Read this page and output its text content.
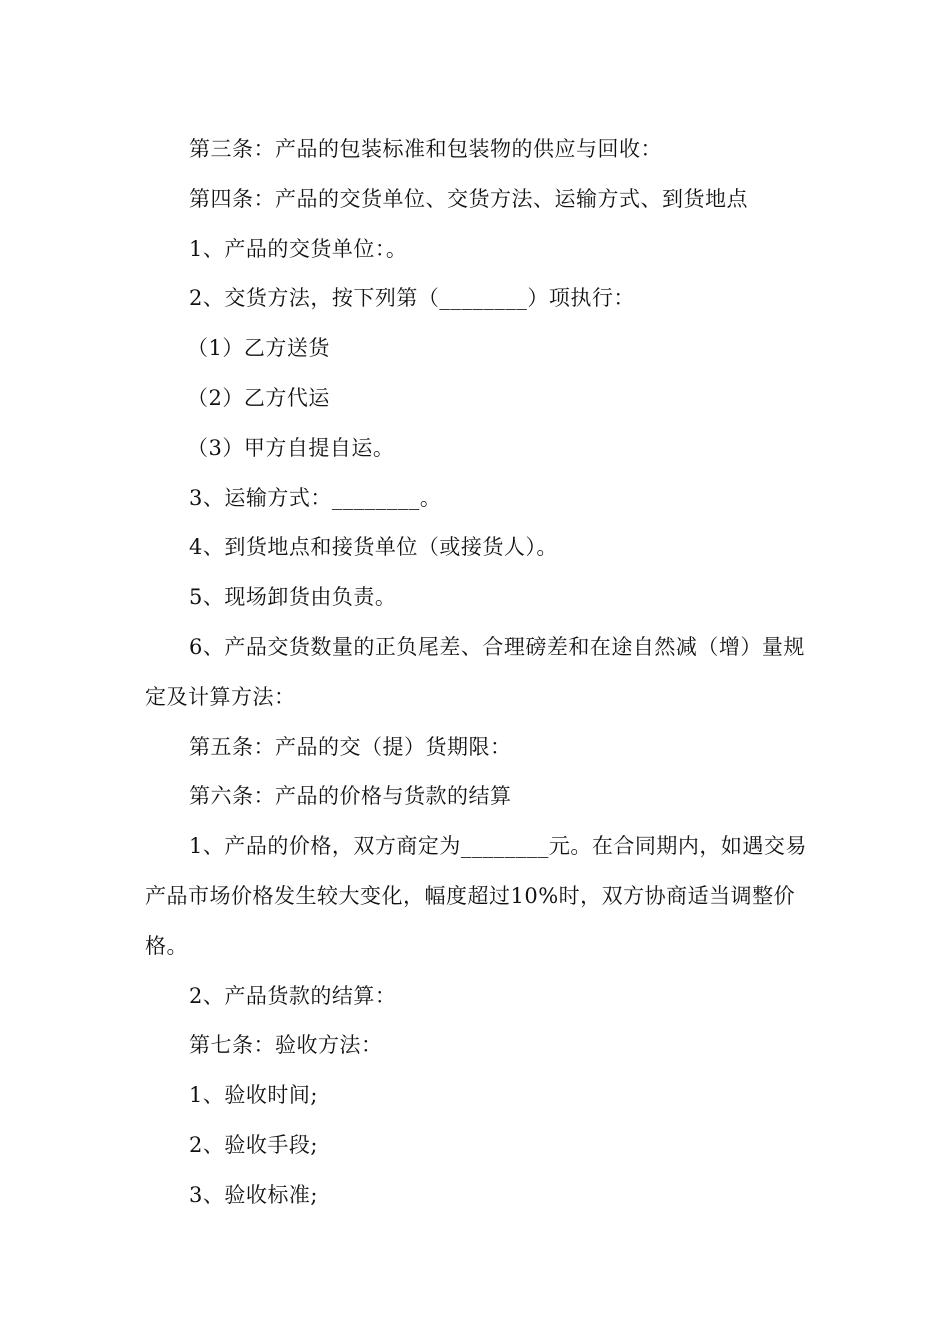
第三条：产品的包装标准和包装物的供应与回收：

第四条：产品的交货单位、交货方法、运输方式、到货地点

1、产品的交货单位：。

2、交货方法，按下列第（________）项执行：

（1）乙方送货

（2）乙方代运

（3）甲方自提自运。

3、运输方式：________。

4、到货地点和接货单位（或接货人）。

5、现场卸货由负责。

6、产品交货数量的正负尾差、合理磅差和在途自然减（增）量规定及计算方法：

第五条：产品的交（提）货期限：

第六条：产品的价格与货款的结算

1、产品的价格，双方商定为________元。在合同期内，如遇交易产品市场价格发生较大变化，幅度超过10%时，双方协商适当调整价格。

2、产品货款的结算：

第七条：验收方法：

1、验收时间;

2、验收手段;

3、验收标准;
